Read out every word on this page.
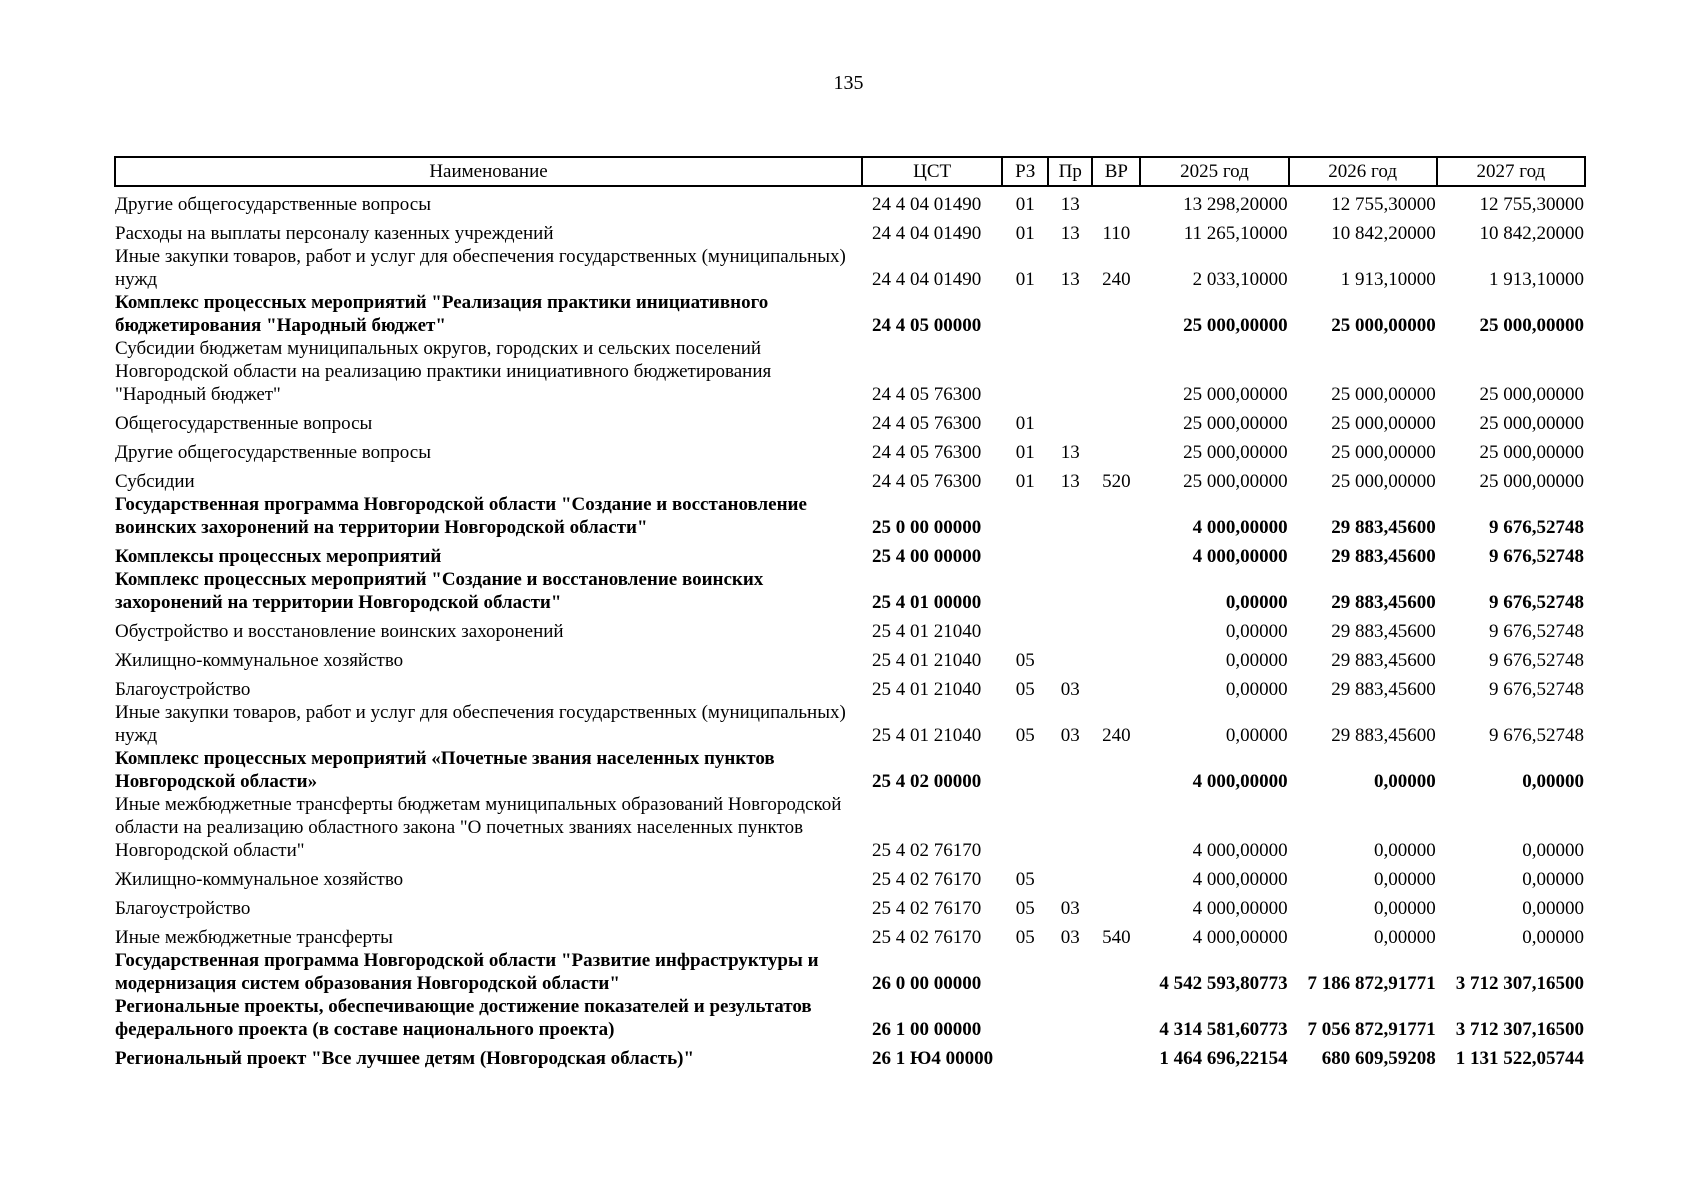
135
Наименование	ЦСТ	РЗ	Пр	ВР	2025 год	2026 год	2027 год
Другие общегосударственные вопросы	24 4 04 01490	01	13		13 298,20000	12 755,30000	12 755,30000
Расходы на выплаты персоналу казенных учреждений	24 4 04 01490	01	13	110	11 265,10000	10 842,20000	10 842,20000
Иные закупки товаров, работ и услуг для обеспечения государственных (муниципальных) нужд	24 4 04 01490	01	13	240	2 033,10000	1 913,10000	1 913,10000
Комплекс процессных мероприятий "Реализация практики инициативного бюджетирования "Народный бюджет"	24 4 05 00000				25 000,00000	25 000,00000	25 000,00000
Субсидии бюджетам муниципальных округов, городских и сельских поселений Новгородской области на реализацию практики инициативного бюджетирования "Народный бюджет"	24 4 05 76300				25 000,00000	25 000,00000	25 000,00000
Общегосударственные вопросы	24 4 05 76300	01			25 000,00000	25 000,00000	25 000,00000
Другие общегосударственные вопросы	24 4 05 76300	01	13		25 000,00000	25 000,00000	25 000,00000
Субсидии	24 4 05 76300	01	13	520	25 000,00000	25 000,00000	25 000,00000
Государственная программа Новгородской области "Создание и восстановление воинских захоронений на территории Новгородской области"	25 0 00 00000				4 000,00000	29 883,45600	9 676,52748
Комплексы процессных мероприятий	25 4 00 00000				4 000,00000	29 883,45600	9 676,52748
Комплекс процессных мероприятий "Создание и восстановление воинских захоронений на территории Новгородской области"	25 4 01 00000				0,00000	29 883,45600	9 676,52748
Обустройство и восстановление воинских захоронений	25 4 01 21040				0,00000	29 883,45600	9 676,52748
Жилищно-коммунальное хозяйство	25 4 01 21040	05			0,00000	29 883,45600	9 676,52748
Благоустройство	25 4 01 21040	05	03		0,00000	29 883,45600	9 676,52748
Иные закупки товаров, работ и услуг для обеспечения государственных (муниципальных) нужд	25 4 01 21040	05	03	240	0,00000	29 883,45600	9 676,52748
Комплекс процессных мероприятий «Почетные звания населенных пунктов Новгородской области»	25 4 02 00000				4 000,00000	0,00000	0,00000
Иные межбюджетные трансферты бюджетам муниципальных образований Новгородской области на реализацию областного закона "О почетных званиях населенных пунктов Новгородской области"	25 4 02 76170				4 000,00000	0,00000	0,00000
Жилищно-коммунальное хозяйство	25 4 02 76170	05			4 000,00000	0,00000	0,00000
Благоустройство	25 4 02 76170	05	03		4 000,00000	0,00000	0,00000
Иные межбюджетные трансферты	25 4 02 76170	05	03	540	4 000,00000	0,00000	0,00000
Государственная программа Новгородской области "Развитие инфраструктуры и модернизация систем образования Новгородской области"	26 0 00 00000				4 542 593,80773	7 186 872,91771	3 712 307,16500
Региональные проекты, обеспечивающие достижение показателей и результатов федерального проекта (в составе национального проекта)	26 1 00 00000				4 314 581,60773	7 056 872,91771	3 712 307,16500
Региональный проект "Все лучшее детям (Новгородская область)"	26 1 Ю4 00000				1 464 696,22154	680 609,59208	1 131 522,05744
